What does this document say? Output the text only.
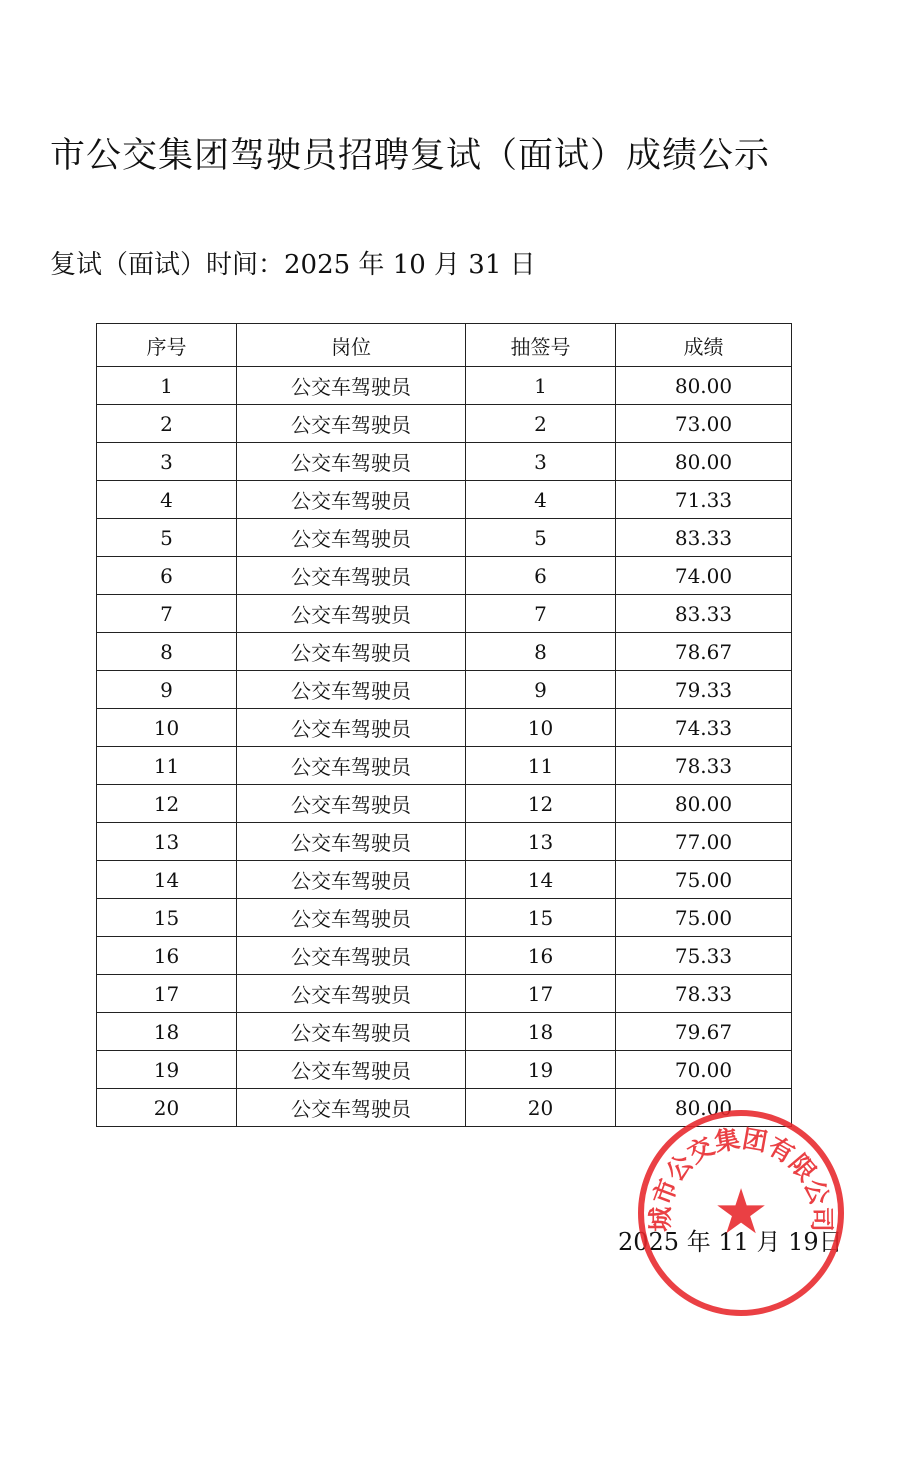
市公交集团驾驶员招聘复试（面试）成绩公示
复试（面试）时间：2025 年 10 月 31 日
序号	岗位	抽签号	成绩
1	公交车驾驶员	1	80.00
2	公交车驾驶员	2	73.00
3	公交车驾驶员	3	80.00
4	公交车驾驶员	4	71.33
5	公交车驾驶员	5	83.33
6	公交车驾驶员	6	74.00
7	公交车驾驶员	7	83.33
8	公交车驾驶员	8	78.67
9	公交车驾驶员	9	79.33
10	公交车驾驶员	10	74.33
11	公交车驾驶员	11	78.33
12	公交车驾驶员	12	80.00
13	公交车驾驶员	13	77.00
14	公交车驾驶员	14	75.00
15	公交车驾驶员	15	75.00
16	公交车驾驶员	16	75.33
17	公交车驾驶员	17	78.33
18	公交车驾驶员	18	79.67
19	公交车驾驶员	19	70.00
20	公交车驾驶员	20	80.00
2025 年 11 月 19日
城市公交集团有限公司
★
